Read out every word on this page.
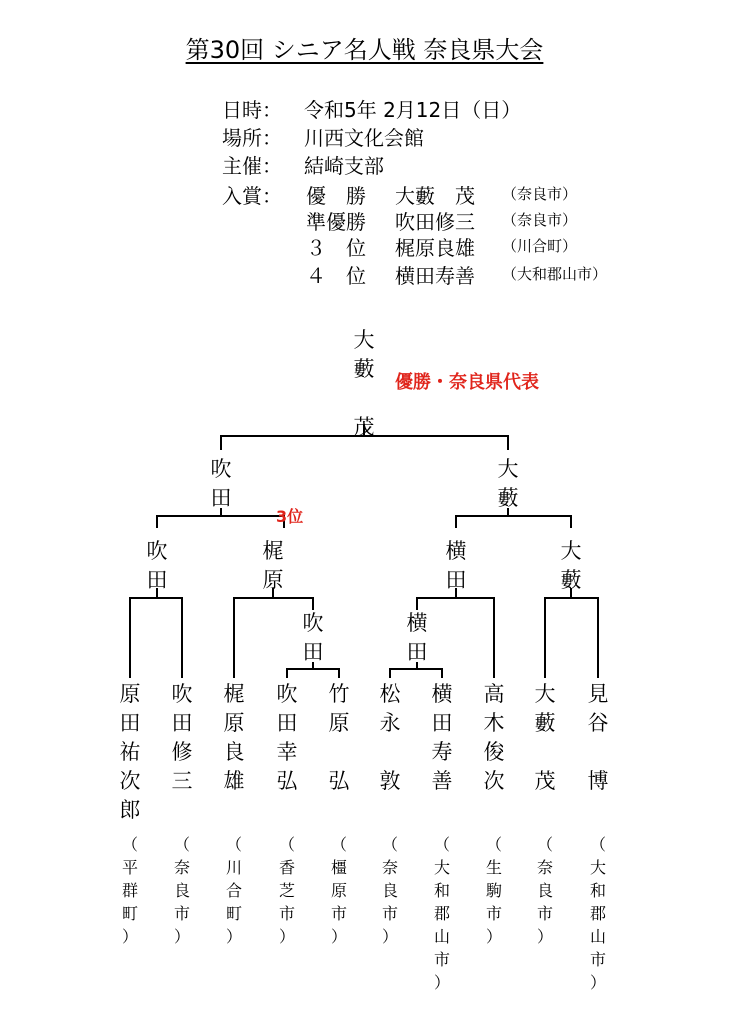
第30回 シニア名人戦 奈良県大会
日時： 令和5年 2月12日（日）
場所： 川西文化会館
主催： 結崎支部
入賞： 優　勝 大藪　茂 （奈良市）
準優勝 吹田修三 （奈良市）
３　位 梶原良雄 （川合町）
４　位 横田寿善 （大和郡山市）
大
藪
茂
優勝・奈良県代表
吹
田
大
藪
3位
吹
田
梶
原
横
田
大
藪
吹
田
横
田
原
田
祐
次
郎
吹
田
修
三
梶
原
良
雄
吹
田
幸
弘
竹
原
弘
松
永
敦
横
田
寿
善
高
木
俊
次
大
藪
茂
見
谷
博
（
平
群
町
）
（
奈
良
市
）
（
川
合
町
）
（
香
芝
市
）
（
橿
原
市
）
（
奈
良
市
）
（
大
和
郡
山
市
）
（
生
駒
市
）
（
奈
良
市
）
（
大
和
郡
山
市
）
